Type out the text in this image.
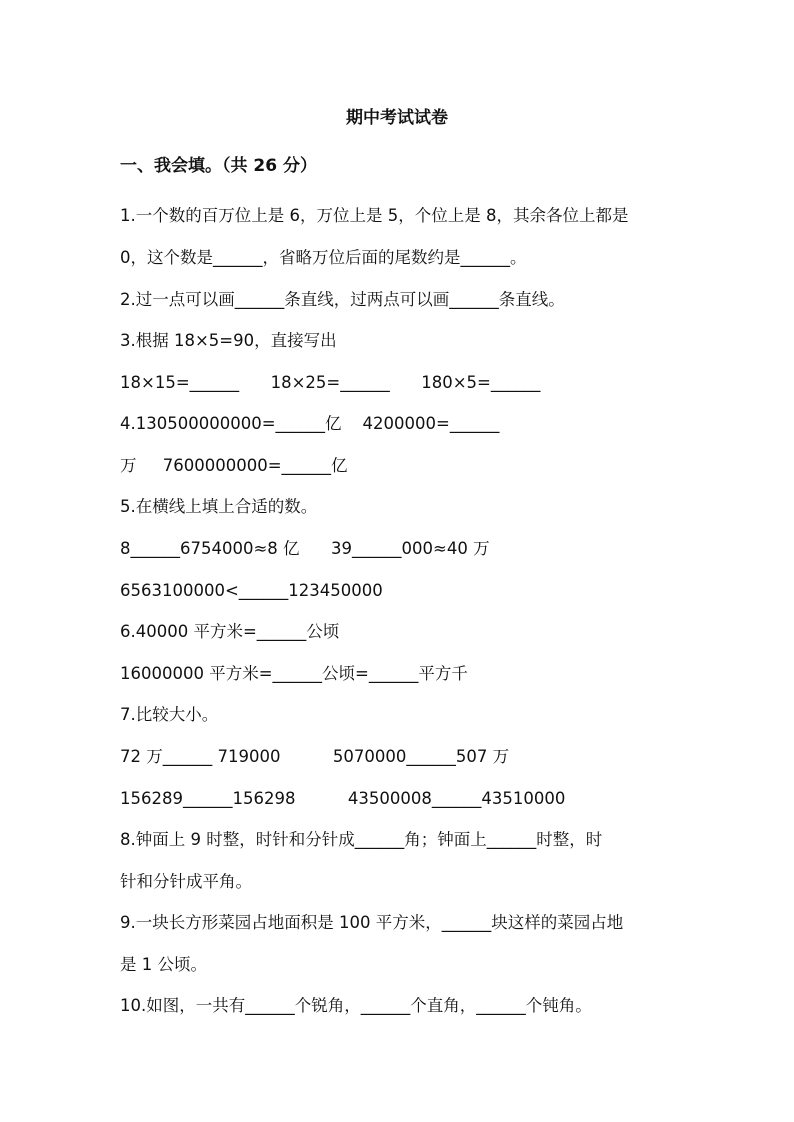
期中考试试卷
一、我会填。（共 26 分）
1.一个数的百万位上是 6，万位上是 5，个位上是 8，其余各位上都是
0，这个数是______，省略万位后面的尾数约是______。
2.过一点可以画______条直线，过两点可以画______条直线。
3.根据 18×5=90，直接写出
18×15=______      18×25=______      180×5=______
4.130500000000=______亿    4200000=______
万     7600000000=______亿
5.在横线上填上合适的数。
8______6754000≈8 亿      39______000≈40 万
6563100000<______123450000
6.40000 平方米=______公顷
16000000 平方米=______公顷=______平方千
7.比较大小。
72 万______ 719000          5070000______507 万
156289______156298          43500008______43510000
8.钟面上 9 时整，时针和分针成______角；钟面上______时整，时
针和分针成平角。
9.一块长方形菜园占地面积是 100 平方米，______块这样的菜园占地
是 1 公顷。
10.如图，一共有______个锐角，______个直角，______个钝角。
